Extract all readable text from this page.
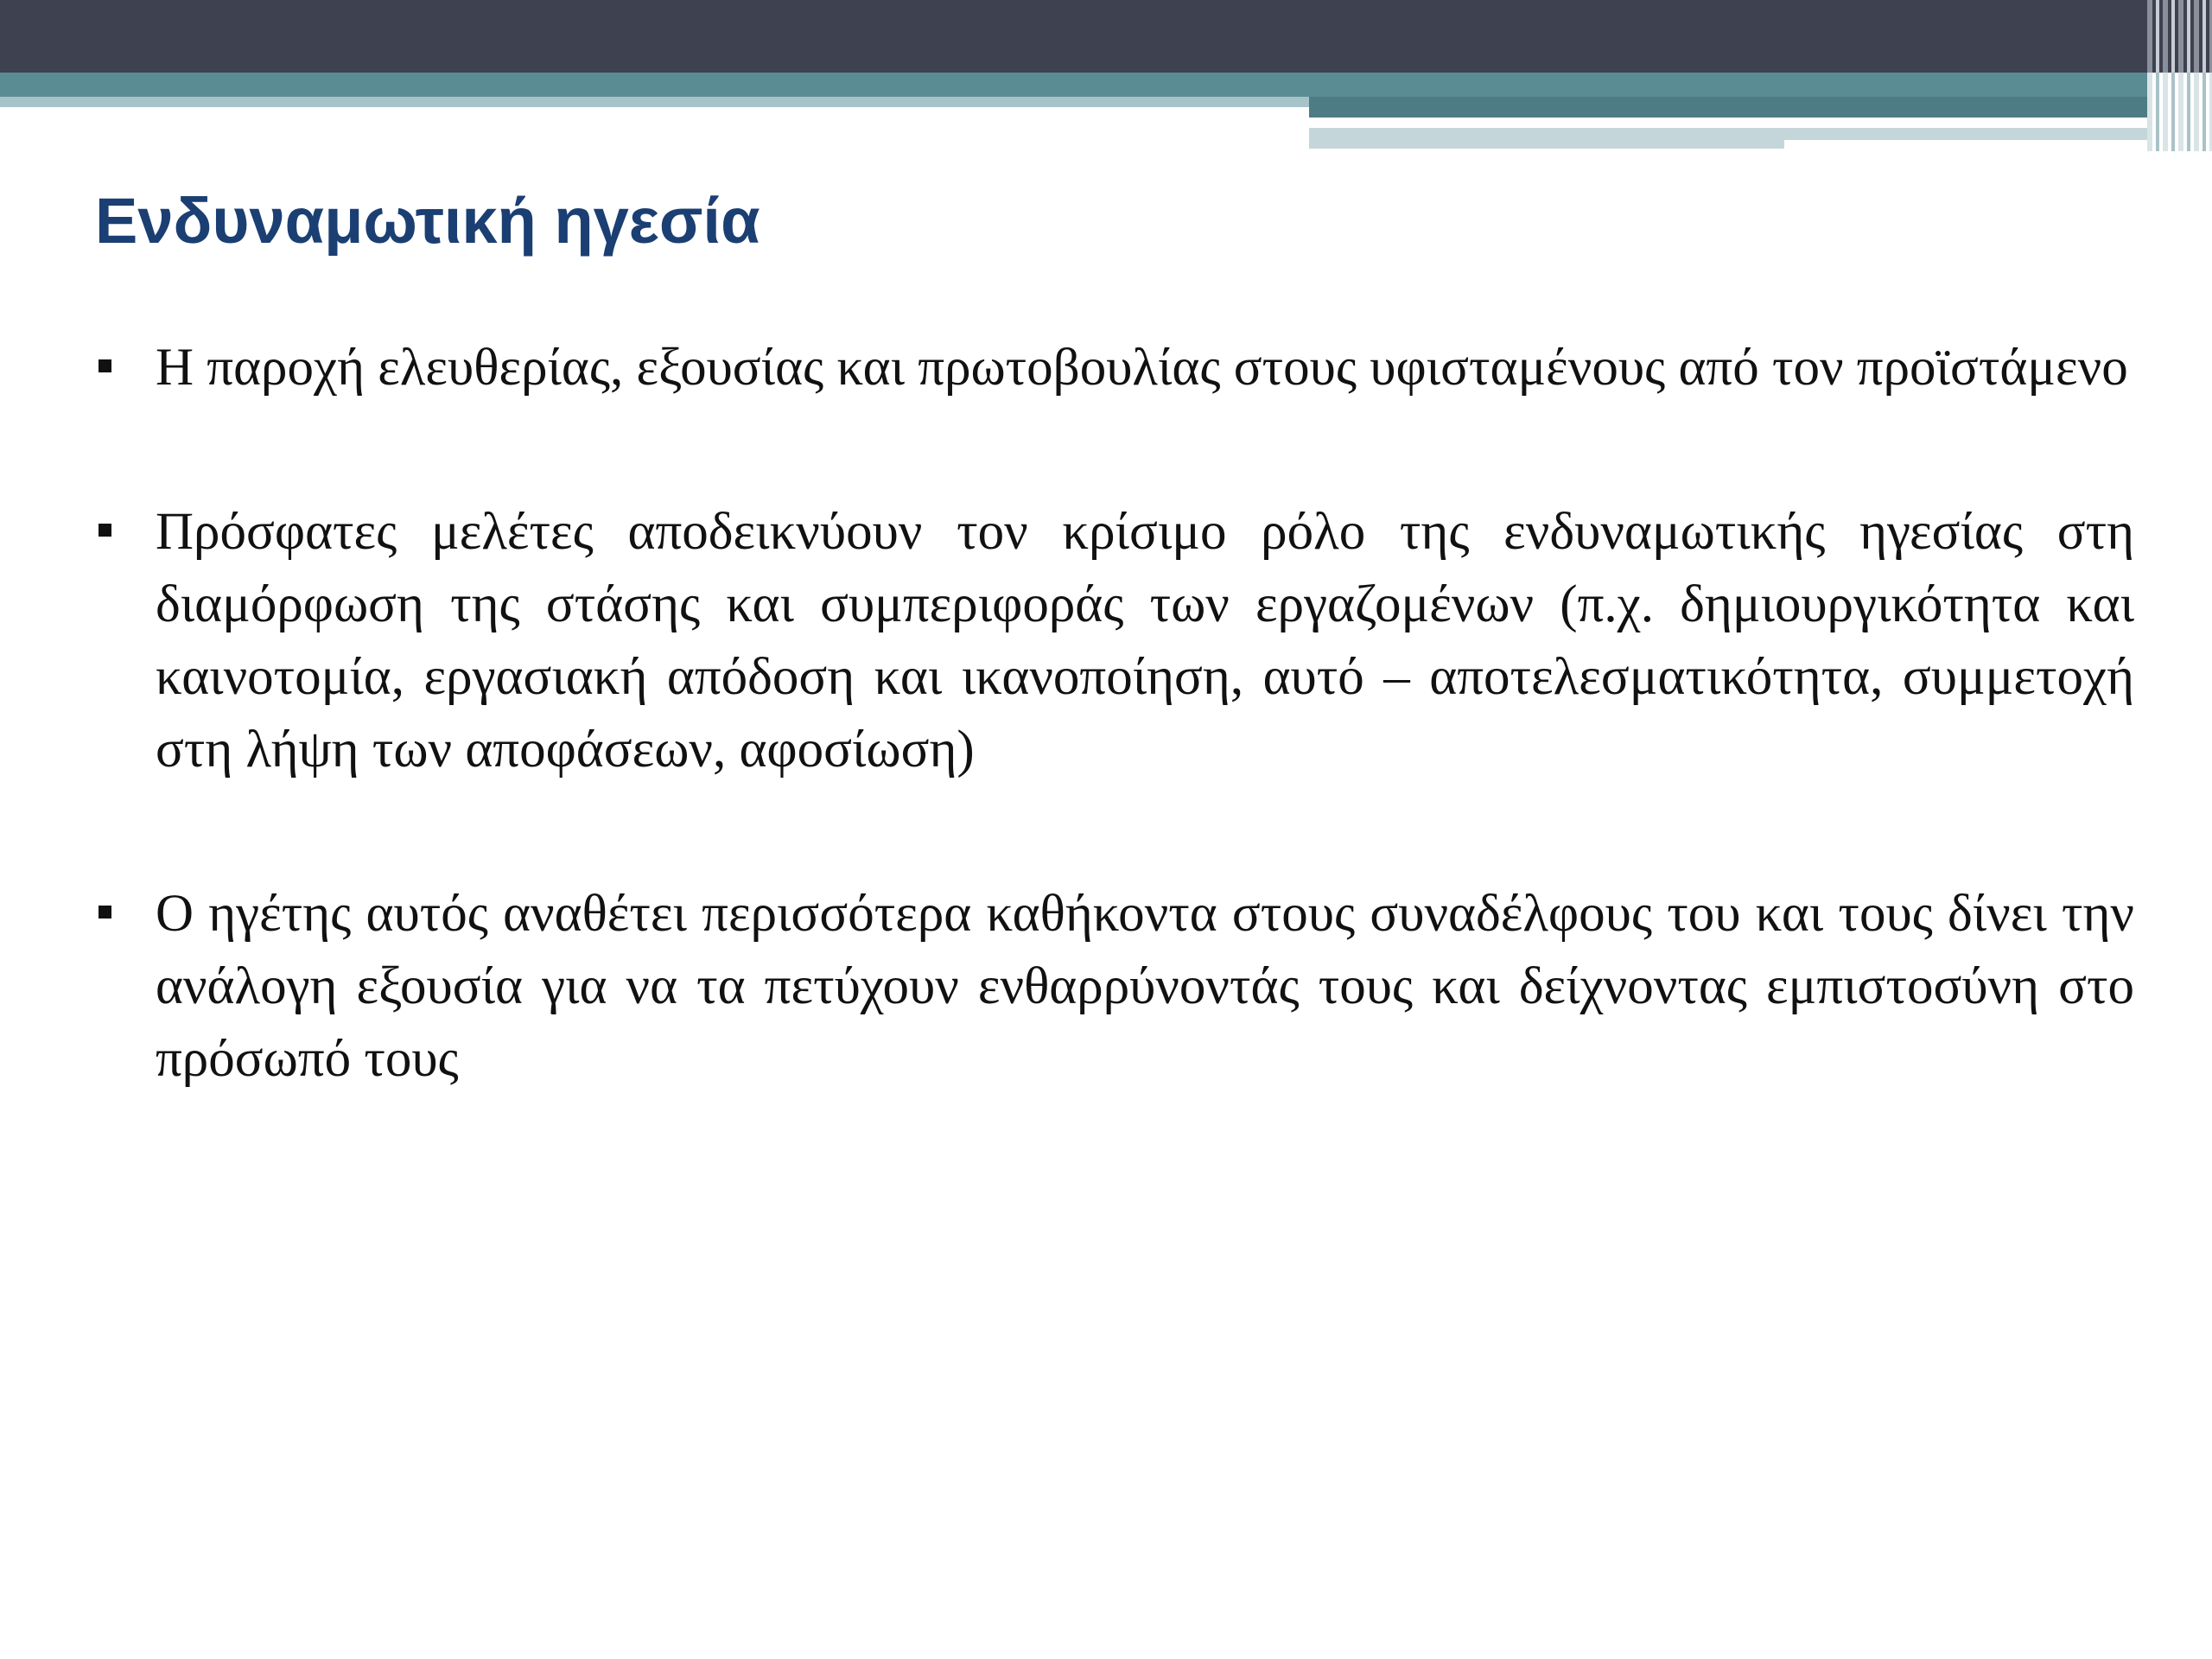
Ενδυναμωτική ηγεσία
Η παροχή ελευθερίας, εξουσίας και πρωτοβουλίας στους υφισταμένους από τον προϊστάμενο
Πρόσφατες μελέτες αποδεικνύουν τον κρίσιμο ρόλο της ενδυναμωτικής ηγεσίας στη διαμόρφωση της στάσης και συμπεριφοράς των εργαζομένων (π.χ. δημιουργικότητα και καινοτομία, εργασιακή απόδοση και ικανοποίηση, αυτό – αποτελεσματικότητα, συμμετοχή στη λήψη των αποφάσεων, αφοσίωση)
Ο ηγέτης αυτός αναθέτει περισσότερα καθήκοντα στους συναδέλφους του και τους δίνει την ανάλογη εξουσία για να τα πετύχουν ενθαρρύνοντάς τους και δείχνοντας εμπιστοσύνη στο πρόσωπό τους
